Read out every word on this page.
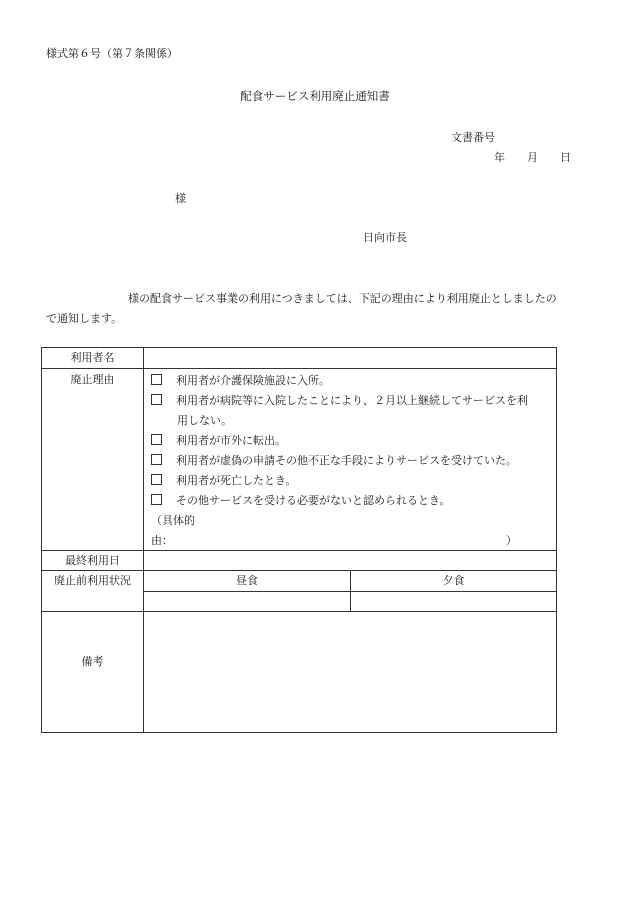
様式第６号（第７条関係）
配食サービス利用廃止通知書
文書番号
年 月 日
様
日向市長
様の配食サービス事業の利用につきましては、下記の理由により利用廃止としましたの
で通知します。
利用者名
廃止理由	利用者が介護保険施設に入所。
利用者が病院等に入院したことにより、２月以上継続してサービスを利
用しない。
利用者が市外に転出。
利用者が虚偽の申請その他不正な手段によりサービスを受けていた。
利用者が死亡したとき。
その他サービスを受ける必要がないと認められるとき。
（具体的
由：	）
最終利用日
廃止前利用状況	昼食	夕食
備考
